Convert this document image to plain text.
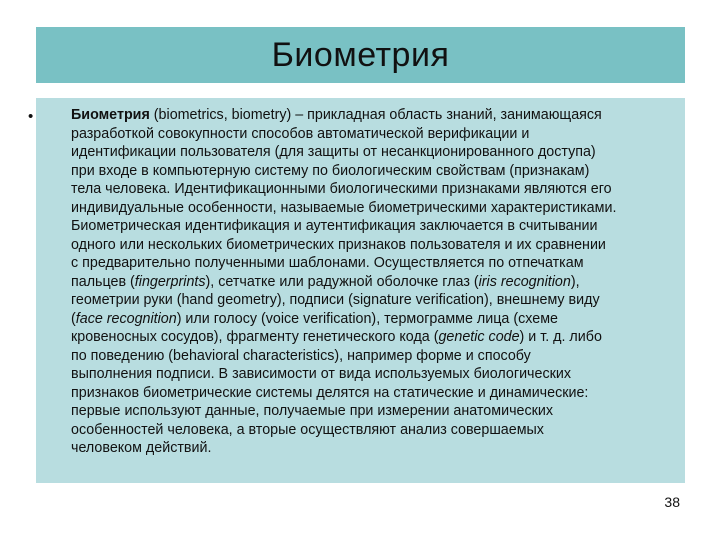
Биометрия
•	Биометрия (biometrics, biometry) – прикладная область знаний, занимающаяся
разработкой совокупности способов автоматической верификации и
идентификации пользователя (для защиты от несанкционированного доступа)
при входе в компьютерную систему по биологическим свойствам (признакам)
тела человека. Идентификационными биологическими признаками являются его
индивидуальные особенности, называемые биометрическими характеристиками.
Биометрическая идентификация и аутентификация заключается в считывании
одного или нескольких биометрических признаков пользователя и их сравнении
с предварительно полученными шаблонами. Осуществляется по отпечаткам
пальцев (fingerprints), сетчатке или радужной оболочке глаз (iris recognition),
геометрии руки (hand geometry), подписи (signature verification), внешнему виду
(face recognition) или голосу (voice verification), термограмме лица (схеме
кровеносных сосудов), фрагменту генетического кода (genetic code) и т. д. либо
по поведению (behavioral characteristics), например форме и способу
выполнения подписи. В зависимости от вида используемых биологических
признаков биометрические системы делятся на статические и динамические:
первые используют данные, получаемые при измерении анатомических
особенностей человека, а вторые осуществляют анализ совершаемых
человеком действий.

38
